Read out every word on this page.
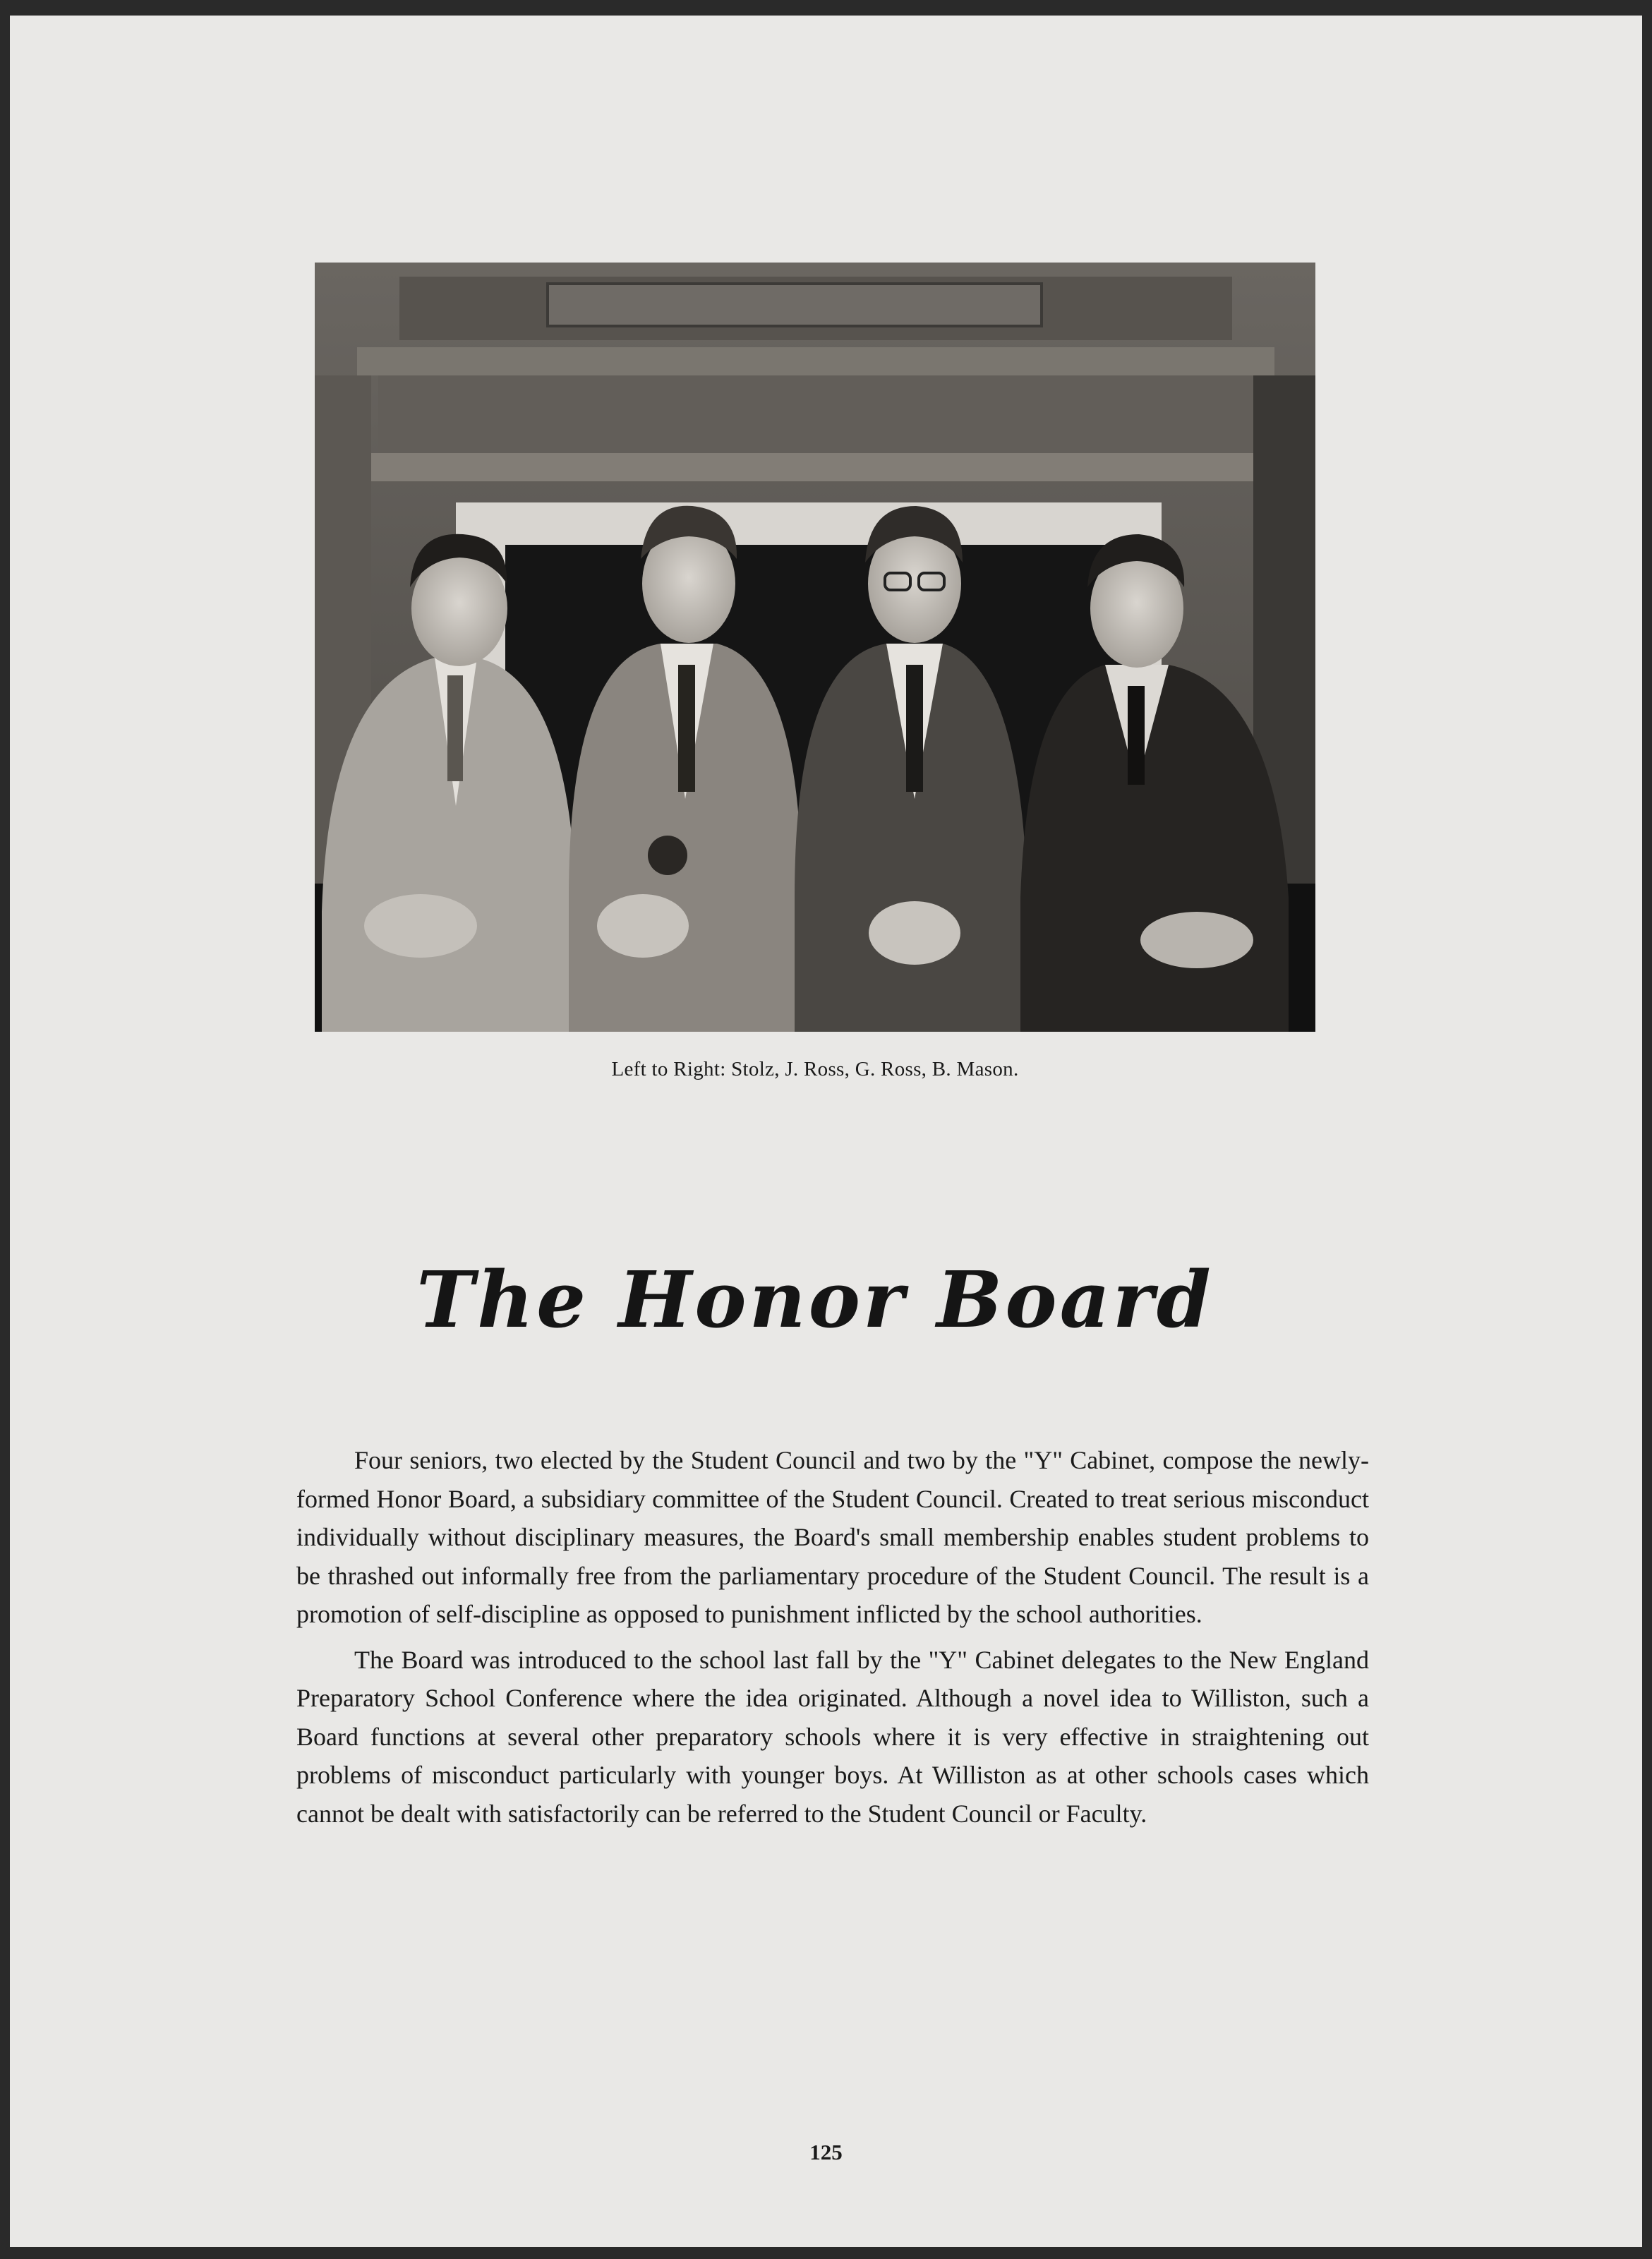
Left to Right: Stolz, J. Ross, G. Ross, B. Mason.
The Honor Board

Four seniors, two elected by the Student Council and two by the "Y" Cabinet, compose the newly-formed Honor Board, a subsidiary committee of the Student Council. Created to treat serious misconduct individually without disciplinary measures, the Board's small membership enables student problems to be thrashed out informally free from the parliamentary procedure of the Student Council. The result is a promotion of self-discipline as opposed to punishment inflicted by the school authorities.

The Board was introduced to the school last fall by the "Y" Cabinet delegates to the New England Preparatory School Conference where the idea originated. Although a novel idea to Williston, such a Board functions at several other preparatory schools where it is very effective in straightening out problems of misconduct particularly with younger boys. At Williston as at other schools cases which cannot be dealt with satisfactorily can be referred to the Student Council or Faculty.

125
